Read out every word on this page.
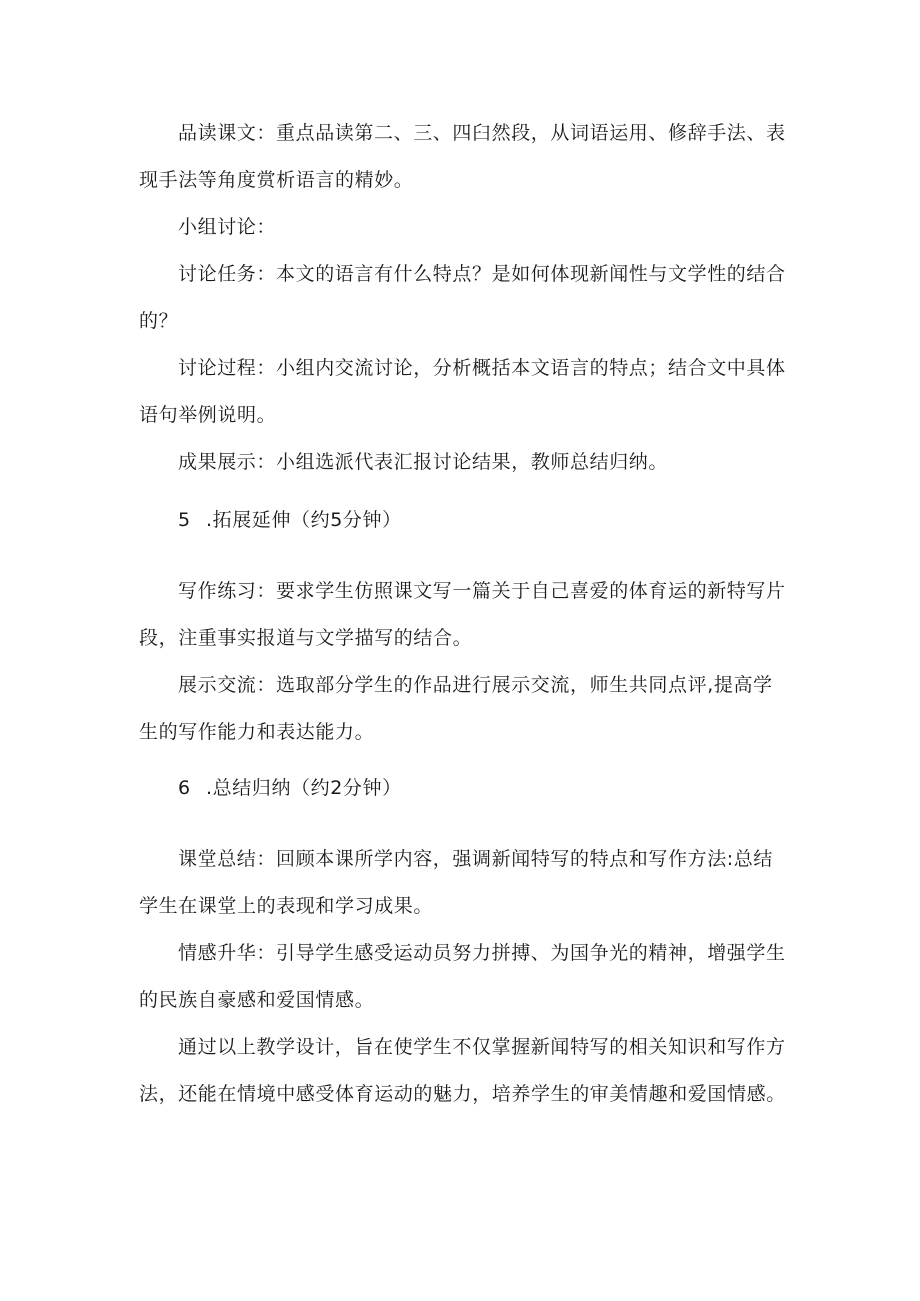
品读课文：重点品读第二、三、四臼然段，从词语运用、修辞手法、表现手法等角度赏析语言的精妙。

小组讨论：

讨论任务：本文的语言有什么特点？是如何体现新闻性与文学性的结合的？

讨论过程：小组内交流讨论，分析概括本文语言的特点；结合文中具体语句举例说明。

成果展示：小组选派代表汇报讨论结果，教师总结归纳。

5 .拓展延伸（约5分钟）

写作练习：要求学生仿照课文写一篇关于自己喜爱的体育运的新特写片段，注重事实报道与文学描写的结合。

展示交流：选取部分学生的作品进行展示交流，师生共同点评,提高学生的写作能力和表达能力。

6 .总结归纳（约2分钟）

课堂总结：回顾本课所学内容，强调新闻特写的特点和写作方法:总结学生在课堂上的表现和学习成果。

情感升华：引导学生感受运动员努力拼搏、为国争光的精神，增强学生的民族自豪感和爱国情感。

通过以上教学设计，旨在使学生不仅掌握新闻特写的相关知识和写作方法，还能在情境中感受体育运动的魅力，培养学生的审美情趣和爱国情感。
